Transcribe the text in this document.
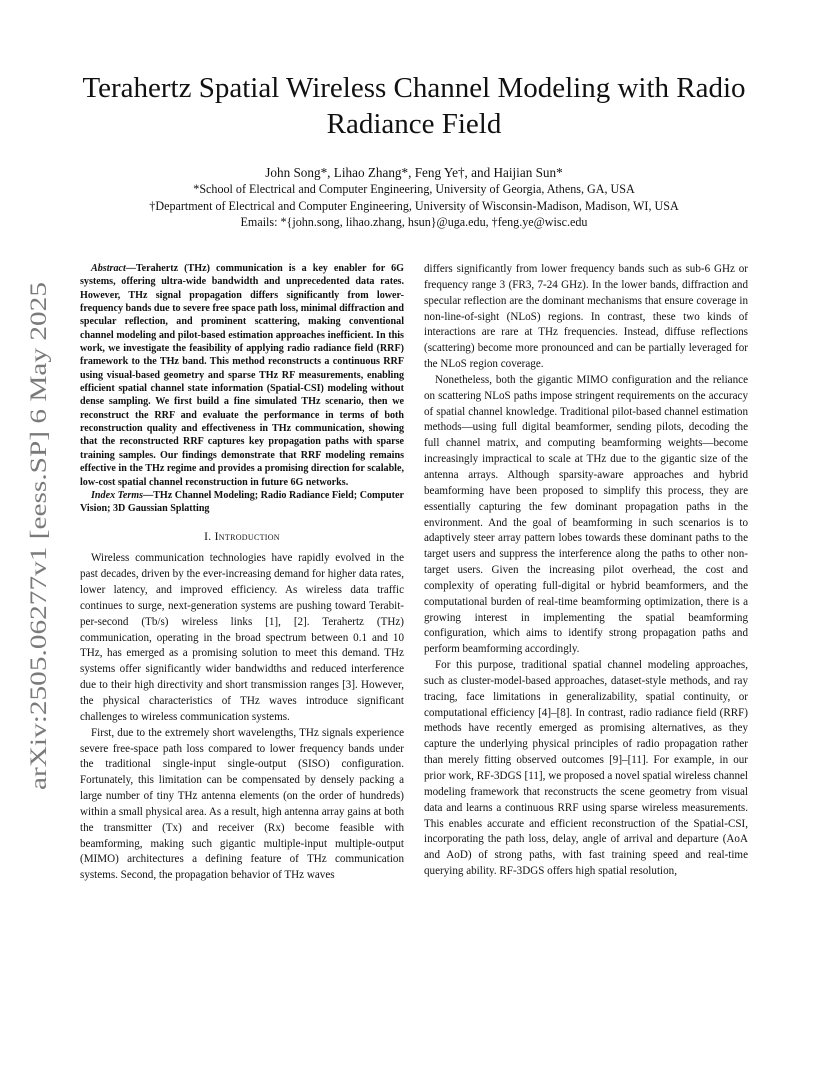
arXiv:2505.06277v1 [eess.SP] 6 May 2025
Terahertz Spatial Wireless Channel Modeling with Radio Radiance Field
John Song*, Lihao Zhang*, Feng Ye†, and Haijian Sun*
*School of Electrical and Computer Engineering, University of Georgia, Athens, GA, USA
†Department of Electrical and Computer Engineering, University of Wisconsin-Madison, Madison, WI, USA
Emails: *{john.song, lihao.zhang, hsun}@uga.edu, †feng.ye@wisc.edu

Abstract—Terahertz (THz) communication is a key enabler for 6G systems, offering ultra-wide bandwidth and unprecedented data rates. However, THz signal propagation differs significantly from lower-frequency bands due to severe free space path loss, minimal diffraction and specular reflection, and prominent scattering, making conventional channel modeling and pilot-based estimation approaches inefficient. In this work, we investigate the feasibility of applying radio radiance field (RRF) framework to the THz band. This method reconstructs a continuous RRF using visual-based geometry and sparse THz RF measurements, enabling efficient spatial channel state information (Spatial-CSI) modeling without dense sampling. We first build a fine simulated THz scenario, then we reconstruct the RRF and evaluate the performance in terms of both reconstruction quality and effectiveness in THz communication, showing that the reconstructed RRF captures key propagation paths with sparse training samples. Our findings demonstrate that RRF modeling remains effective in the THz regime and provides a promising direction for scalable, low-cost spatial channel reconstruction in future 6G networks.

Index Terms—THz Channel Modeling; Radio Radiance Field; Computer Vision; 3D Gaussian Splatting

I. Introduction

Wireless communication technologies have rapidly evolved in the past decades, driven by the ever-increasing demand for higher data rates, lower latency, and improved efficiency. As wireless data traffic continues to surge, next-generation systems are pushing toward Terabit-per-second (Tb/s) wireless links [1], [2]. Terahertz (THz) communication, operating in the broad spectrum between 0.1 and 10 THz, has emerged as a promising solution to meet this demand. THz systems offer significantly wider bandwidths and reduced interference due to their high directivity and short transmission ranges [3]. However, the physical characteristics of THz waves introduce significant challenges to wireless communication systems.

First, due to the extremely short wavelengths, THz signals experience severe free-space path loss compared to lower frequency bands under the traditional single-input single-output (SISO) configuration. Fortunately, this limitation can be compensated by densely packing a large number of tiny THz antenna elements (on the order of hundreds) within a small physical area. As a result, high antenna array gains at both the transmitter (Tx) and receiver (Rx) become feasible with beamforming, making such gigantic multiple-input multiple-output (MIMO) architectures a defining feature of THz communication systems. Second, the propagation behavior of THz waves

differs significantly from lower frequency bands such as sub-6 GHz or frequency range 3 (FR3, 7-24 GHz). In the lower bands, diffraction and specular reflection are the dominant mechanisms that ensure coverage in non-line-of-sight (NLoS) regions. In contrast, these two kinds of interactions are rare at THz frequencies. Instead, diffuse reflections (scattering) become more pronounced and can be partially leveraged for the NLoS region coverage.

Nonetheless, both the gigantic MIMO configuration and the reliance on scattering NLoS paths impose stringent requirements on the accuracy of spatial channel knowledge. Traditional pilot-based channel estimation methods—using full digital beamformer, sending pilots, decoding the full channel matrix, and computing beamforming weights—become increasingly impractical to scale at THz due to the gigantic size of the antenna arrays. Although sparsity-aware approaches and hybrid beamforming have been proposed to simplify this process, they are essentially capturing the few dominant propagation paths in the environment. And the goal of beamforming in such scenarios is to adaptively steer array pattern lobes towards these dominant paths to the target users and suppress the interference along the paths to other non-target users. Given the increasing pilot overhead, the cost and complexity of operating full-digital or hybrid beamformers, and the computational burden of real-time beamforming optimization, there is a growing interest in implementing the spatial beamforming configuration, which aims to identify strong propagation paths and perform beamforming accordingly.

For this purpose, traditional spatial channel modeling approaches, such as cluster-model-based approaches, dataset-style methods, and ray tracing, face limitations in generalizability, spatial continuity, or computational efficiency [4]–[8]. In contrast, radio radiance field (RRF) methods have recently emerged as promising alternatives, as they capture the underlying physical principles of radio propagation rather than merely fitting observed outcomes [9]–[11]. For example, in our prior work, RF-3DGS [11], we proposed a novel spatial wireless channel modeling framework that reconstructs the scene geometry from visual data and learns a continuous RRF using sparse wireless measurements. This enables accurate and efficient reconstruction of the Spatial-CSI, incorporating the path loss, delay, angle of arrival and departure (AoA and AoD) of strong paths, with fast training speed and real-time querying ability. RF-3DGS offers high spatial resolution,
